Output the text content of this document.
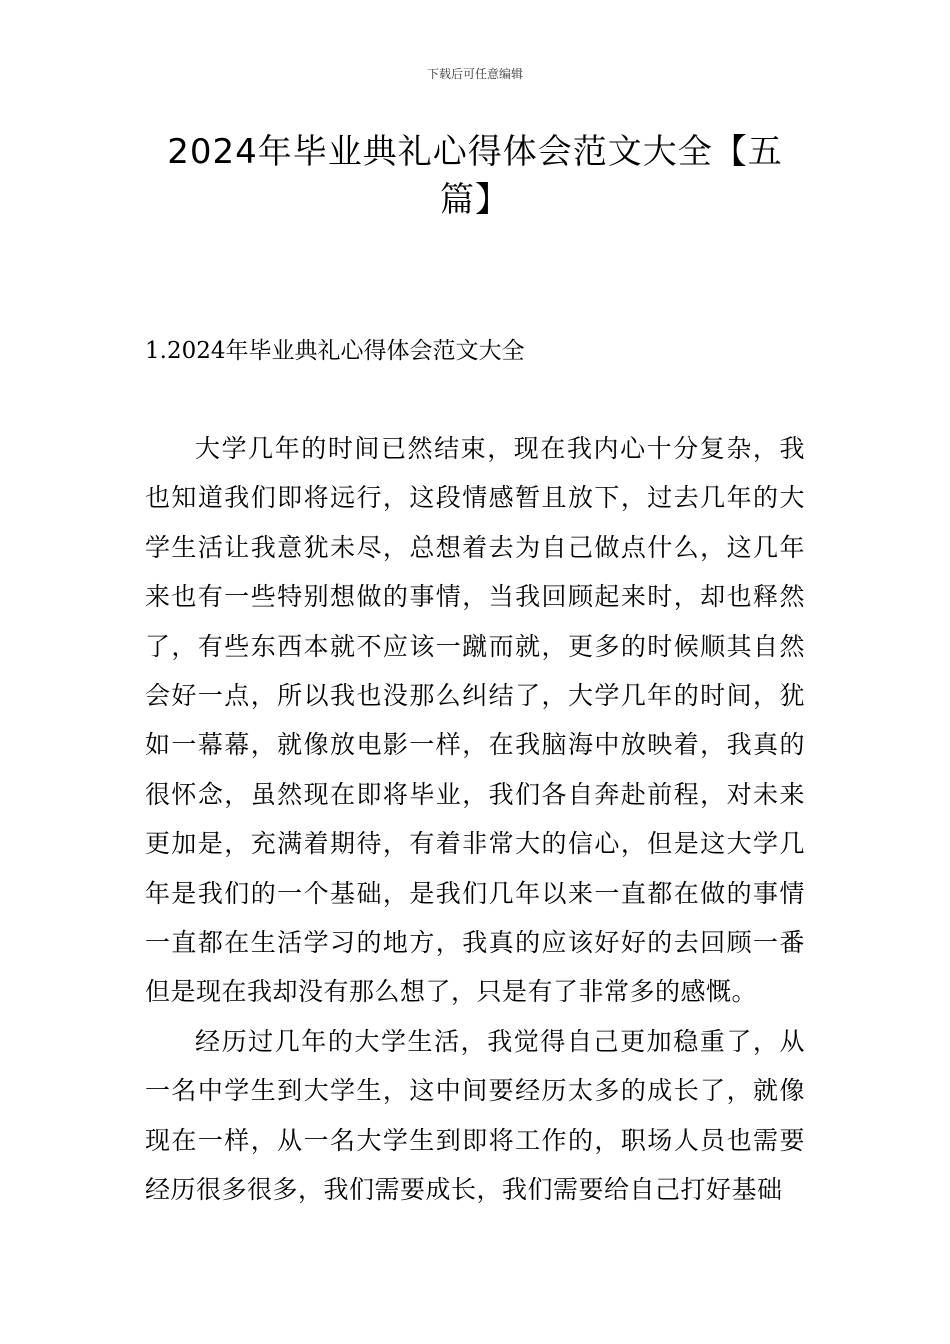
下载后可任意编辑
2024年毕业典礼心得体会范文大全【五篇】
1.2024年毕业典礼心得体会范文大全

大学几年的时间已然结束，现在我内心十分复杂，我也知道我们即将远行，这段情感暂且放下，过去几年的大学生活让我意犹未尽，总想着去为自己做点什么，这几年来也有一些特别想做的事情，当我回顾起来时，却也释然了，有些东西本就不应该一蹴而就，更多的时候顺其自然会好一点，所以我也没那么纠结了，大学几年的时间，犹如一幕幕，就像放电影一样，在我脑海中放映着，我真的很怀念，虽然现在即将毕业，我们各自奔赴前程，对未来更加是，充满着期待，有着非常大的信心，但是这大学几年是我们的一个基础，是我们几年以来一直都在做的事情一直都在生活学习的地方，我真的应该好好的去回顾一番但是现在我却没有那么想了，只是有了非常多的感慨。

经历过几年的大学生活，我觉得自己更加稳重了，从一名中学生到大学生，这中间要经历太多的成长了，就像现在一样，从一名大学生到即将工作的，职场人员也需要经历很多很多，我们需要成长，我们需要给自己打好基础
